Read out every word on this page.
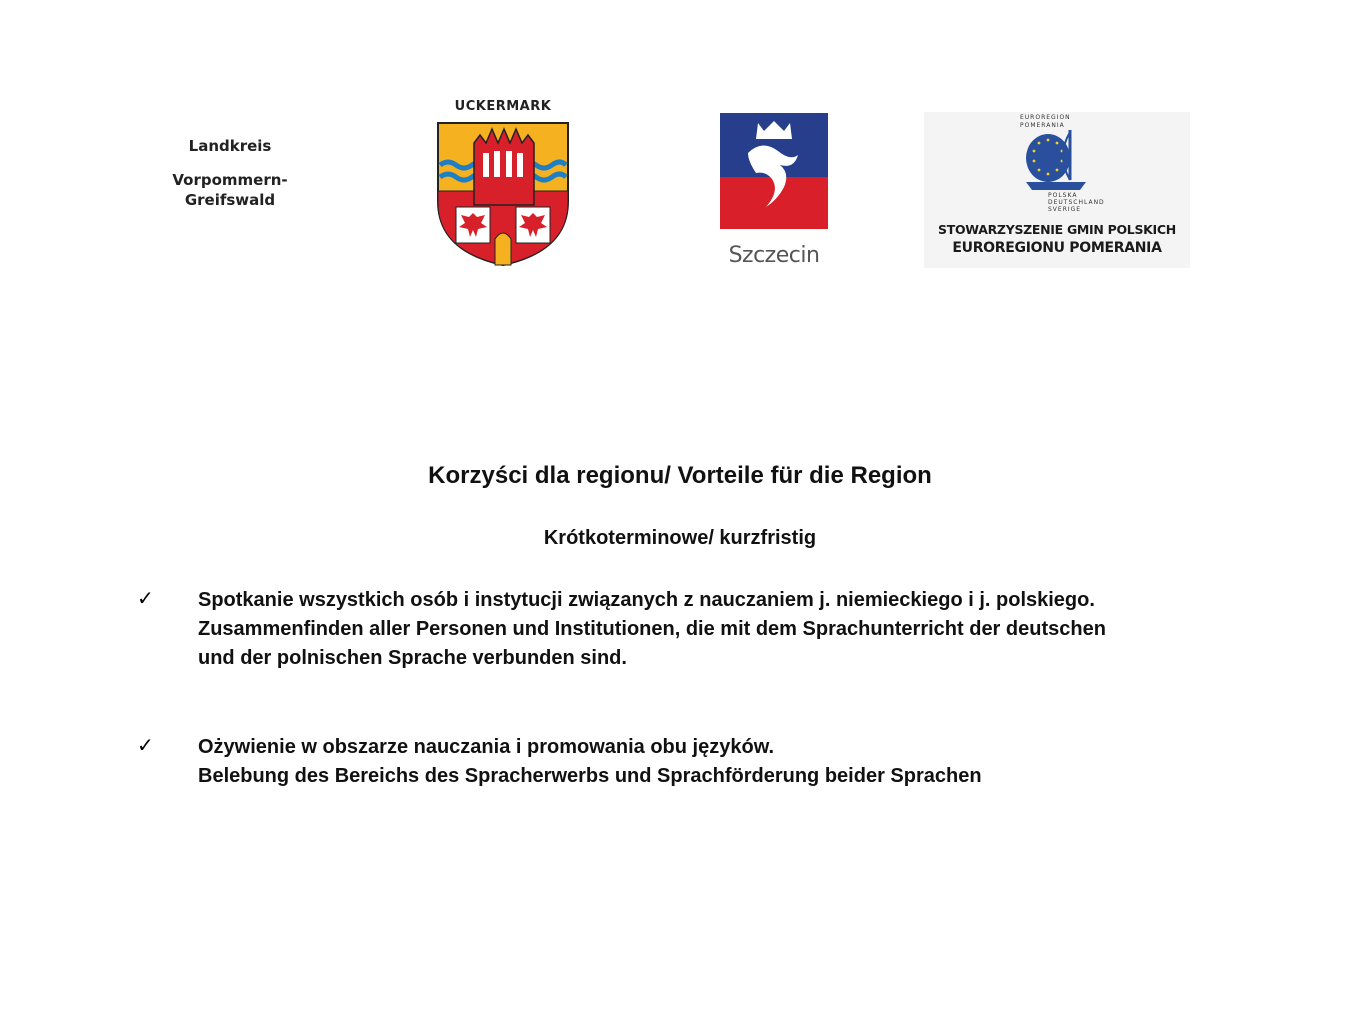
Landkreis
Vorpommern-
Greifswald
UCKERMARK
Szczecin
EUROREGION POMERANIA
POLSKA DEUTSCHLAND SVERIGE
STOWARZYSZENIE GMIN POLSKICH
EUROREGIONU POMERANIA
Korzyści dla regionu/ Vorteile für die Region
Krótkoterminowe/ kurzfristig
✓ Spotkanie wszystkich osób i instytucji związanych z nauczaniem j. niemieckiego i j. polskiego.
Zusammenfinden aller Personen und Institutionen, die mit dem Sprachunterricht der deutschen und der polnischen Sprache verbunden sind.
✓ Ożywienie w obszarze nauczania i promowania obu języków.
Belebung des Bereichs des Spracherwerbs und Sprachförderung beider Sprachen
